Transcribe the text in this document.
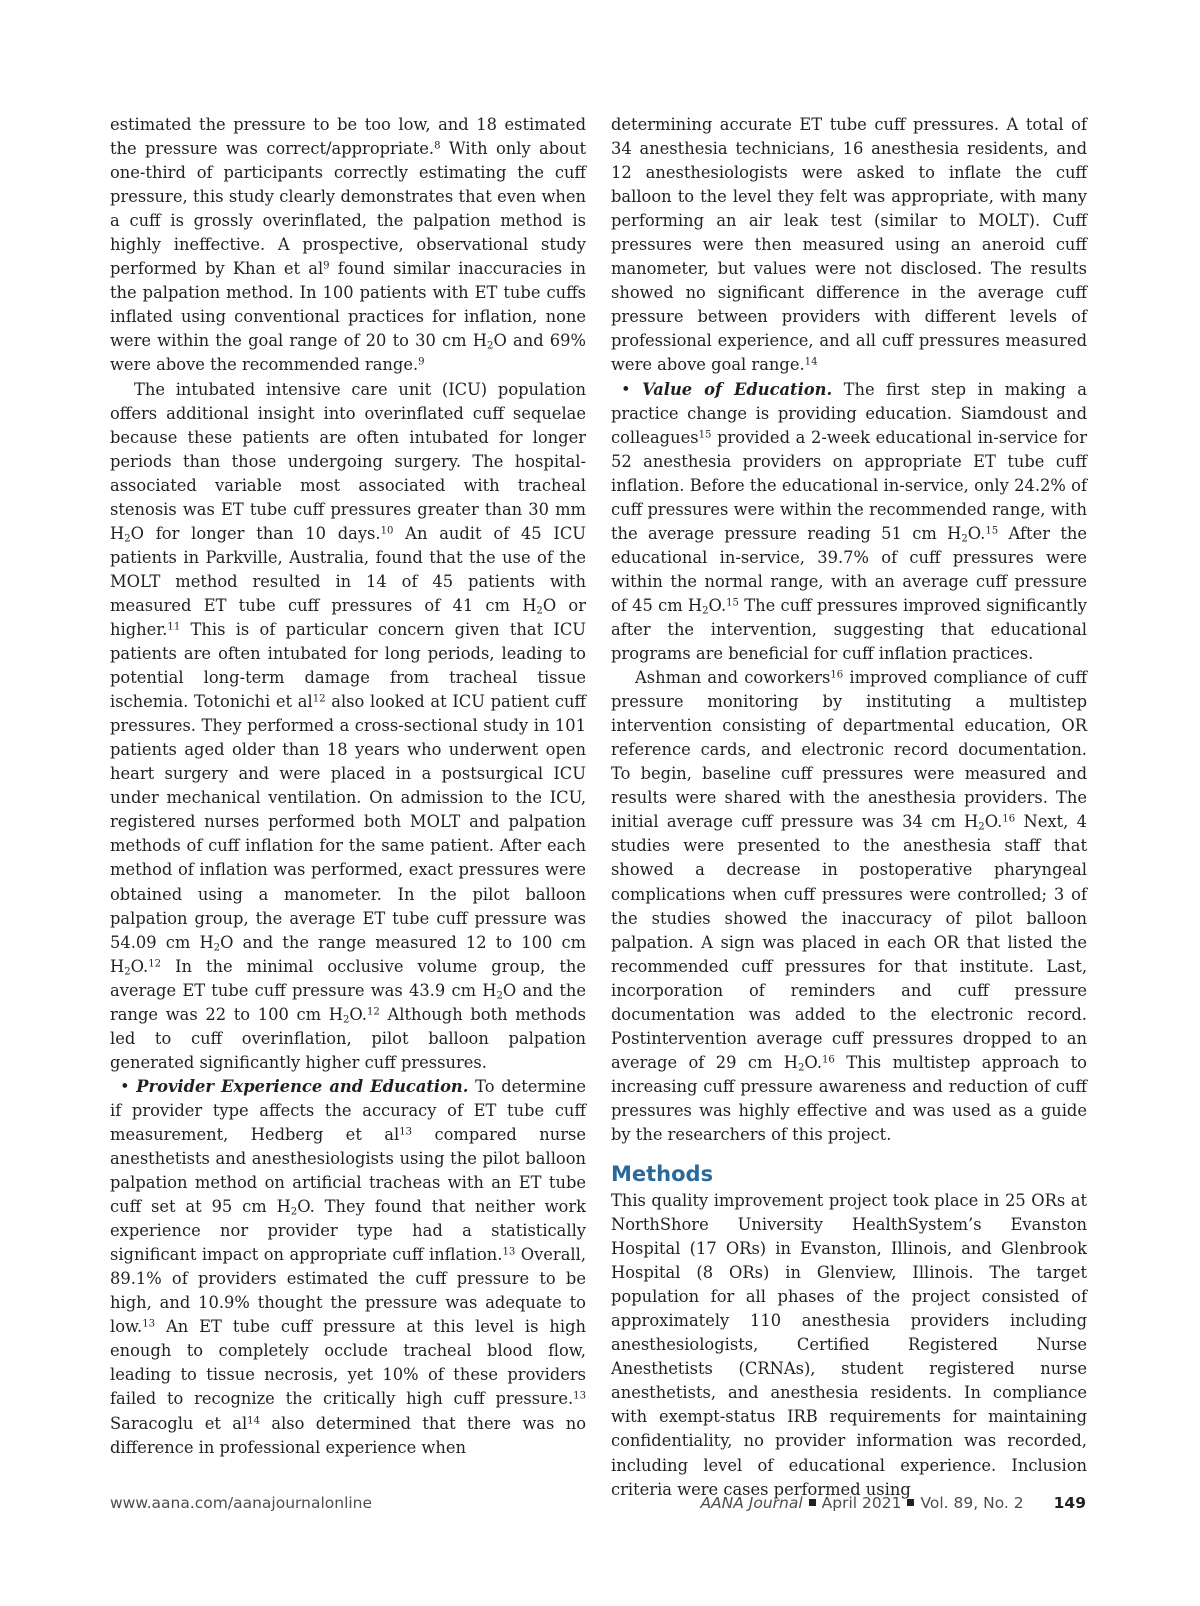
estimated the pressure to be too low, and 18 estimated the pressure was correct/appropriate.$^8$ With only about one-third of participants correctly estimating the cuff pressure, this study clearly demonstrates that even when a cuff is grossly overinflated, the palpation method is highly ineffective. A prospective, observational study performed by Khan et $al^9$ found similar inaccuracies in the palpation method. In 100 patients with ET tube cuffs inflated using conventional practices for inflation, none were within the goal range of 20 to 30 cm $H_2O$ and 69% were above the recommended range.$^9$

The intubated intensive care unit (ICU) population offers additional insight into overinflated cuff sequelae because these patients are often intubated for longer periods than those undergoing surgery. The hospital-associated variable most associated with tracheal stenosis was ET tube cuff pressures greater than 30 mm $H_2O$ for longer than 10 days.$^{10}$ An audit of 45 ICU patients in Parkville, Australia, found that the use of the MOLT method resulted in 14 of 45 patients with measured ET tube cuff pressures of 41 cm $H_2O$ or higher.$^{11}$ This is of particular concern given that ICU patients are often intubated for long periods, leading to potential long-term damage from tracheal tissue ischemia. Totonichi et $al^{12}$ also looked at ICU patient cuff pressures. They performed a cross-sectional study in 101 patients aged older than 18 years who underwent open heart surgery and were placed in a postsurgical ICU under mechanical ventilation. On admission to the ICU, registered nurses performed both MOLT and palpation methods of cuff inflation for the same patient. After each method of inflation was performed, exact pressures were obtained using a manometer. In the pilot balloon palpation group, the average ET tube cuff pressure was 54.09 cm $H_2O$ and the range measured 12 to 100 cm $H_2O.^{12}$ In the minimal occlusive volume group, the average ET tube cuff pressure was 43.9 cm $H_2O$ and the range was 22 to 100 cm $H_2O.^{12}$ Although both methods led to cuff overinflation, pilot balloon palpation generated significantly higher cuff pressures.

• Provider Experience and Education. To determine if provider type affects the accuracy of ET tube cuff measurement, Hedberg et $al^{13}$ compared nurse anesthetists and anesthesiologists using the pilot balloon palpation method on artificial tracheas with an ET tube cuff set at 95 cm $H_2O$. They found that neither work experience nor provider type had a statistically significant impact on appropriate cuff inflation.$^{13}$ Overall, 89.1% of providers estimated the cuff pressure to be high, and 10.9% thought the pressure was adequate to low.$^{13}$ An ET tube cuff pressure at this level is high enough to completely occlude tracheal blood flow, leading to tissue necrosis, yet 10% of these providers failed to recognize the critically high cuff pressure.$^{13}$ Saracoglu et $al^{14}$ also determined that there was no difference in professional experience when

determining accurate ET tube cuff pressures. A total of 34 anesthesia technicians, 16 anesthesia residents, and 12 anesthesiologists were asked to inflate the cuff balloon to the level they felt was appropriate, with many performing an air leak test (similar to MOLT). Cuff pressures were then measured using an aneroid cuff manometer, but values were not disclosed. The results showed no significant difference in the average cuff pressure between providers with different levels of professional experience, and all cuff pressures measured were above goal range.$^{14}$

• Value of Education. The first step in making a practice change is providing education. Siamdoust and colleagues$^{15}$ provided a 2-week educational in-service for 52 anesthesia providers on appropriate ET tube cuff inflation. Before the educational in-service, only 24.2% of cuff pressures were within the recommended range, with the average pressure reading 51 cm $H_2O.^{15}$ After the educational in-service, 39.7% of cuff pressures were within the normal range, with an average cuff pressure of 45 cm $H_2O.^{15}$ The cuff pressures improved significantly after the intervention, suggesting that educational programs are beneficial for cuff inflation practices.

Ashman and coworkers$^{16}$ improved compliance of cuff pressure monitoring by instituting a multistep intervention consisting of departmental education, OR reference cards, and electronic record documentation. To begin, baseline cuff pressures were measured and results were shared with the anesthesia providers. The initial average cuff pressure was 34 cm $H_2O.^{16}$ Next, 4 studies were presented to the anesthesia staff that showed a decrease in postoperative pharyngeal complications when cuff pressures were controlled; 3 of the studies showed the inaccuracy of pilot balloon palpation. A sign was placed in each OR that listed the recommended cuff pressures for that institute. Last, incorporation of reminders and cuff pressure documentation was added to the electronic record. Postintervention average cuff pressures dropped to an average of 29 cm $H_2O.^{16}$ This multistep approach to increasing cuff pressure awareness and reduction of cuff pressures was highly effective and was used as a guide by the researchers of this project.

Methods

This quality improvement project took place in 25 ORs at NorthShore University HealthSystem’s Evanston Hospital (17 ORs) in Evanston, Illinois, and Glenbrook Hospital (8 ORs) in Glenview, Illinois. The target population for all phases of the project consisted of approximately 110 anesthesia providers including anesthesiologists, Certified Registered Nurse Anesthetists (CRNAs), student registered nurse anesthetists, and anesthesia residents. In compliance with exempt-status IRB requirements for maintaining confidentiality, no provider information was recorded, including level of educational experience. Inclusion criteria were cases performed using

www.aana.com/aanajournalonline	AANA Journal April 2021 Vol. 89, No. 2 149
